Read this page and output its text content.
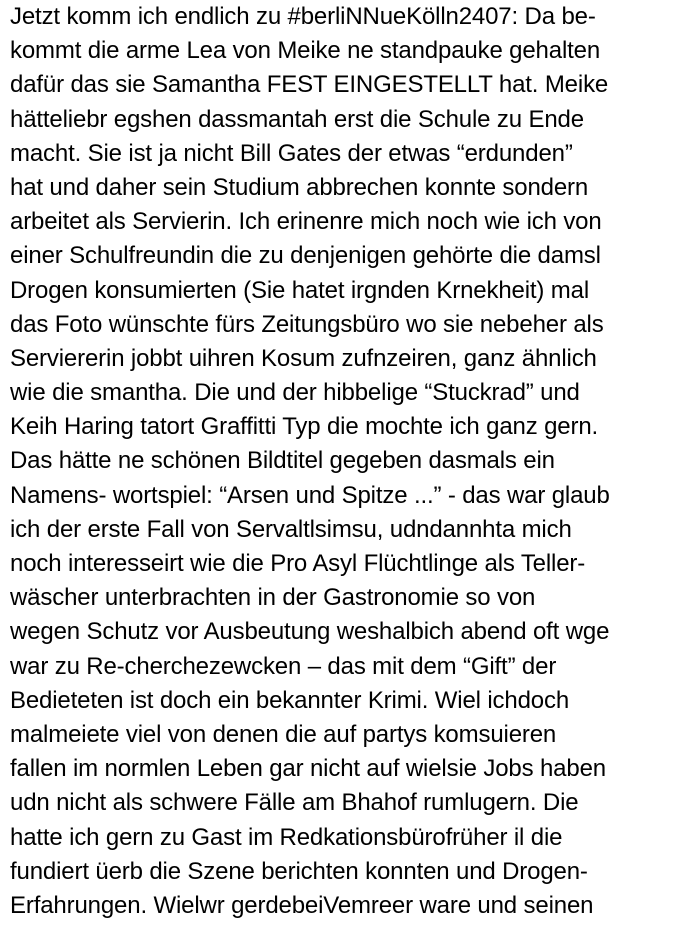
Jetzt komm ich endlich zu #berliNNueKölln2407: Da be-
kommt die arme Lea von Meike ne standpauke gehalten
dafür das sie Samantha FEST EINGESTELLT hat. Meike
hätteliebr egshen dassmantah erst die Schule zu Ende
macht. Sie ist ja nicht Bill Gates der etwas “erdunden”
hat und daher sein Studium abbrechen konnte sondern
arbeitet als Servierin. Ich erinenre mich noch wie ich von
einer Schulfreundin die zu denjenigen gehörte die damsl
Drogen konsumierten (Sie hatet irgnden Krnekheit) mal
das Foto wünschte fürs Zeitungsbüro wo sie nebeher als
Serviererin jobbt uihren Kosum zufnzeiren, ganz ähnlich
wie die smantha. Die und der hibbelige “Stuckrad” und
Keih Haring tatort Graffitti Typ die mochte ich ganz gern.
Das hätte ne schönen Bildtitel gegeben dasmals ein
Namens- wortspiel: “Arsen und Spitze ...” - das war glaub
ich der erste Fall von Servaltlsimsu, udndannhta mich
noch interesseirt wie die Pro Asyl Flüchtlinge als Teller-
wäscher unterbrachten in der Gastronomie so von
wegen Schutz vor Ausbeutung weshalbich abend oft wge
war zu Re-cherchezewcken – das mit dem “Gift” der
Bedieteten ist doch ein bekannter Krimi. Wiel ichdoch
malmeiete viel von denen die auf partys komsuieren
fallen im normlen Leben gar nicht auf wielsie Jobs haben
udn nicht als schwere Fälle am Bhahof rumlugern. Die
hatte ich gern zu Gast im Redkationsbürofrüher il die
fundiert üerb die Szene berichten konnten und Drogen-
Erfahrungen. Wielwr gerdebeiVemreer ware und seinen
